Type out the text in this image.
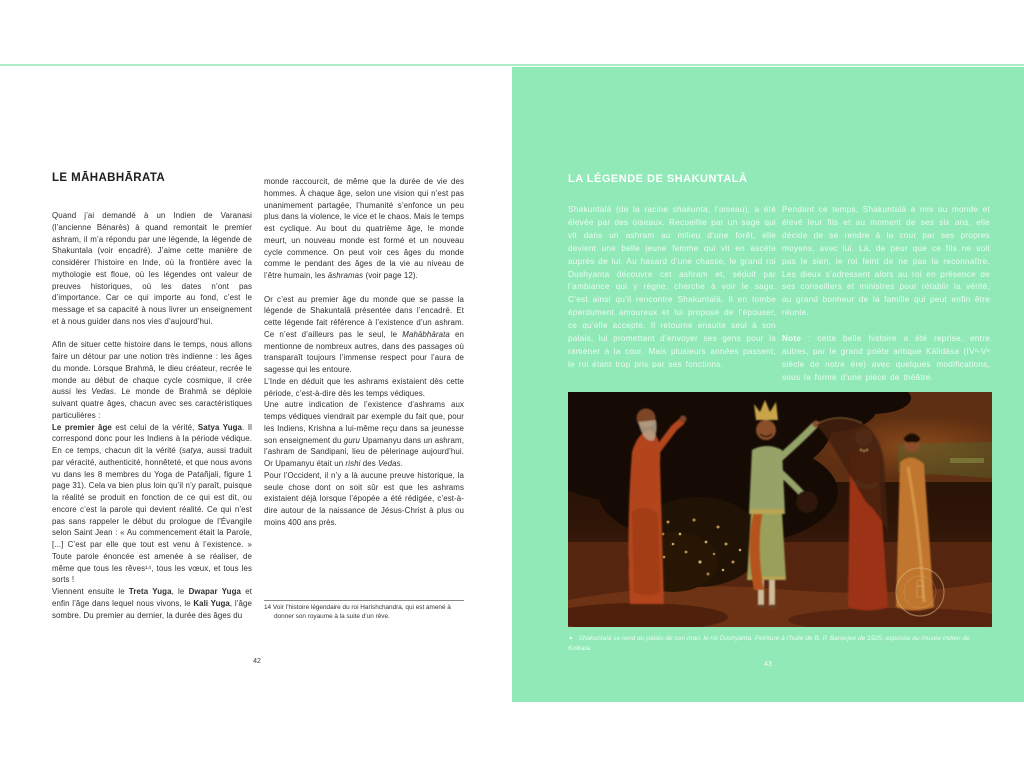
LE MĀHABHĀRATA

Quand j’ai demandé à un Indien de Varanasi (l’ancienne Bénarès) à quand remontait le premier ashram, il m’a répondu par une légende, la légende de Shakuntala (voir encadré). J’aime cette manière de considérer l’histoire en Inde, où la frontière avec la mythologie est floue, où les légendes ont valeur de preuves historiques, où les dates n’ont pas d’importance. Car ce qui importe au fond, c’est le message et sa capacité à nous livrer un enseignement et à nous guider dans nos vies d’aujourd’hui.

Afin de situer cette histoire dans le temps, nous allons faire un détour par une notion très indienne : les âges du monde. Lorsque Brahmā, le dieu créateur, recrée le monde au début de chaque cycle cosmique, il crée aussi les Vedas. Le monde de Brahmā se déploie suivant quatre âges, chacun avec ses caractéristiques particulières :

Le premier âge est celui de la vérité, Satya Yuga. Il correspond donc pour les Indiens à la période védique. En ce temps, chacun dit la vérité (satya, aussi traduit par véracité, authenticité, honnêteté, et que nous avons vu dans les 8 membres du Yoga de Patañjali, figure 1 page 31). Cela va bien plus loin qu’il n’y paraît, puisque la réalité se produit en fonction de ce qui est dit, ou encore c’est la parole qui devient réalité. Ce qui n’est pas sans rappeler le début du prologue de l’Évangile selon Saint Jean : « Au commencement était la Parole, [...] C’est par elle que tout est venu à l’existence. » Toute parole énoncée est amenée à se réaliser, de même que tous les rêves¹⁴, tous les vœux, et tous les sorts !

Viennent ensuite le Treta Yuga, le Dwapar Yuga et enfin l’âge dans lequel nous vivons, le Kali Yuga, l’âge sombre. Du premier au dernier, la durée des âges du

monde raccourcit, de même que la durée de vie des hommes. À chaque âge, selon une vision qui n’est pas unanimement partagée, l’humanité s’enfonce un peu plus dans la violence, le vice et le chaos. Mais le temps est cyclique. Au bout du quatrième âge, le monde meurt, un nouveau monde est formé et un nouveau cycle commence. On peut voir ces âges du monde comme le pendant des âges de la vie au niveau de l’être humain, les āshramas (voir page 12).

Or c’est au premier âge du monde que se passe la légende de Shakuntalā présentée dans l’encadré. Et cette légende fait référence à l’existence d’un ashram. Ce n’est d’ailleurs pas le seul, le Mahābhārata en mentionne de nombreux autres, dans des passages où transparaît toujours l’immense respect pour l’aura de sagesse qui les entoure.

L’Inde en déduit que les ashrams existaient dès cette période, c’est-à-dire dès les temps védiques.

Une autre indication de l’existence d’ashrams aux temps védiques viendrait par exemple du fait que, pour les Indiens, Krishna a lui-même reçu dans sa jeunesse son enseignement du guru Upamanyu dans un ashram, l’ashram de Sandipani, lieu de pèlerinage aujourd’hui. Or Upamanyu était un rishi des Vedas.

Pour l’Occident, il n’y a là aucune preuve historique, la seule chose dont on soit sûr est que les ashrams existaient déjà lorsque l’épopée a été rédigée, c’est-à-dire autour de la naissance de Jésus-Christ à plus ou moins 400 ans près.

14 Voir l’histoire légendaire du roi Harishchandra, qui est amené à donner son royaume à la suite d’un rêve.

42
LA LÉGENDE DE SHAKUNTALĀ

Shakuntalā (de la racine shakunta, l’oiseau), a été élevée par des oiseaux. Recueillie par un sage qui vit dans un ashram au milieu d’une forêt, elle devient une belle jeune femme qui vit en ascète auprès de lui. Au hasard d’une chasse, le grand roi Dushyanta découvre cet ashram et, séduit par l’ambiance qui y règne, cherche à voir le sage. C’est ainsi qu’il rencontre Shakuntalā. Il en tombe éperdument amoureux et lui propose de l’épouser, ce qu’elle accepte. Il retourne ensuite seul à son palais, lui promettant d’envoyer ses gens pour la ramener à la cour. Mais plusieurs années passent, le roi étant trop pris par ses fonctions.

Pendant ce temps, Shakuntalā a mis au monde et élevé leur fils et au moment de ses six ans, elle décide de se rendre à la cour par ses propres moyens, avec lui. Là, de peur que ce fils ne soit pas le sien, le roi feint de ne pas la reconnaître. Les dieux s’adressent alors au roi en présence de ses conseillers et ministres pour rétablir la vérité, au grand bonheur de la famille qui peut enfin être réunie.

Note : cette belle histoire a été reprise, entre autres, par le grand poète antique Kālidāsa (IVᵉ-Vᵉ siècle de notre ère) avec quelques modifications, sous la forme d’une pièce de théâtre.

▲ Shakuntalā se rend au palais de son mari, le roi Dushyanta. Peinture à l’huile de B. P. Banerjee de 1925, exposée au musée indien de Kolkata.
43
